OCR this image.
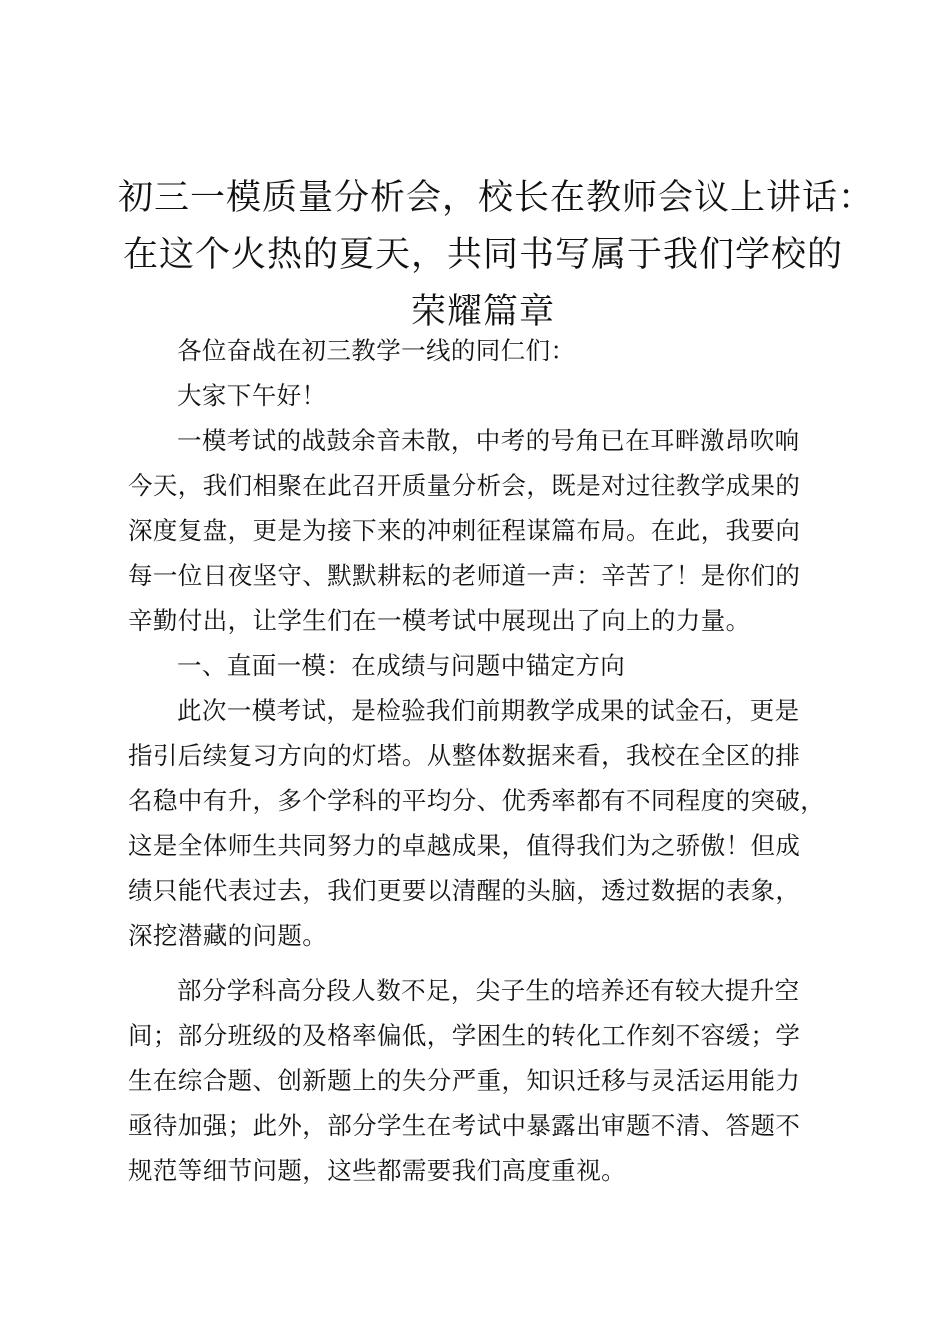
初三一模质量分析会，校长在教师会议上讲话：
在这个火热的夏天，共同书写属于我们学校的
荣耀篇章

各位奋战在初三教学一线的同仁们：

大家下午好！

一模考试的战鼓余音未散，中考的号角已在耳畔激昂吹响
今天，我们相聚在此召开质量分析会，既是对过往教学成果的
深度复盘，更是为接下来的冲刺征程谋篇布局。在此，我要向
每一位日夜坚守、默默耕耘的老师道一声：辛苦了！是你们的
辛勤付出，让学生们在一模考试中展现出了向上的力量。

一、直面一模：在成绩与问题中锚定方向

此次一模考试，是检验我们前期教学成果的试金石，更是
指引后续复习方向的灯塔。从整体数据来看，我校在全区的排
名稳中有升，多个学科的平均分、优秀率都有不同程度的突破，
这是全体师生共同努力的卓越成果，值得我们为之骄傲！但成
绩只能代表过去，我们更要以清醒的头脑，透过数据的表象，
深挖潜藏的问题。

部分学科高分段人数不足，尖子生的培养还有较大提升空
间；部分班级的及格率偏低，学困生的转化工作刻不容缓；学
生在综合题、创新题上的失分严重，知识迁移与灵活运用能力
亟待加强；此外，部分学生在考试中暴露出审题不清、答题不
规范等细节问题，这些都需要我们高度重视。
